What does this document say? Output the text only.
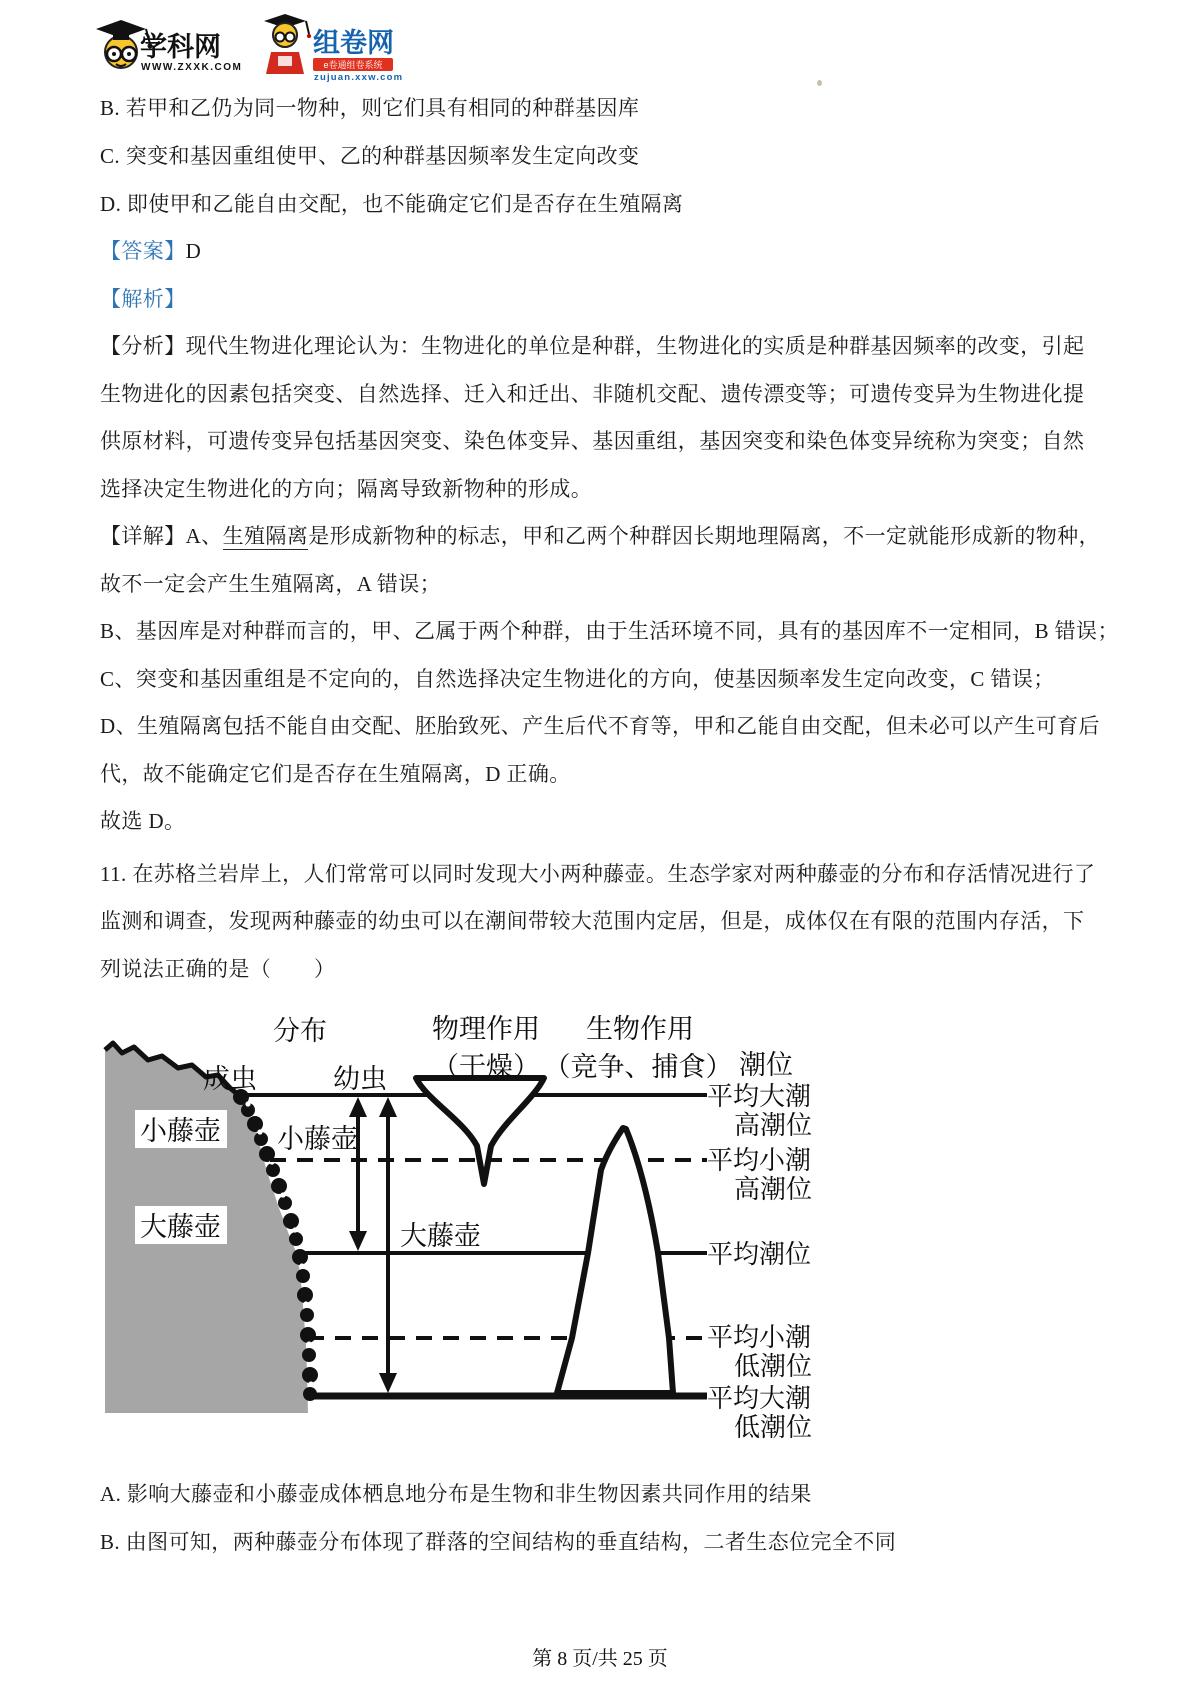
学科网
WWW.ZXXK.COM
组卷网
e卷通组卷系统
zujuan.xxw.com
B. 若甲和乙仍为同一物种，则它们具有相同的种群基因库
C. 突变和基因重组使甲、乙的种群基因频率发生定向改变
D. 即使甲和乙能自由交配，也不能确定它们是否存在生殖隔离
【答案】D
【解析】
【分析】现代生物进化理论认为：生物进化的单位是种群，生物进化的实质是种群基因频率的改变，引起
生物进化的因素包括突变、自然选择、迁入和迁出、非随机交配、遗传漂变等；可遗传变异为生物进化提
供原材料，可遗传变异包括基因突变、染色体变异、基因重组，基因突变和染色体变异统称为突变；自然
选择决定生物进化的方向；隔离导致新物种的形成。
【详解】A、生殖隔离是形成新物种的标志，甲和乙两个种群因长期地理隔离，不一定就能形成新的物种，
故不一定会产生生殖隔离，A 错误；
B、基因库是对种群而言的，甲、乙属于两个种群，由于生活环境不同，具有的基因库不一定相同，B 错误；
C、突变和基因重组是不定向的，自然选择决定生物进化的方向，使基因频率发生定向改变，C 错误；
D、生殖隔离包括不能自由交配、胚胎致死、产生后代不育等，甲和乙能自由交配，但未必可以产生可育后
代，故不能确定它们是否存在生殖隔离，D 正确。
故选 D。
11. 在苏格兰岩岸上，人们常常可以同时发现大小两种藤壶。生态学家对两种藤壶的分布和存活情况进行了
监测和调查，发现两种藤壶的幼虫可以在潮间带较大范围内定居，但是，成体仅在有限的范围内存活，下
列说法正确的是（　　）
小藤壶
大藤壶
分布
成虫	幼虫
物理作用
（干燥）
生物作用
（竞争、捕食） 潮位
小藤壶
大藤壶
平均大潮
高潮位
平均小潮
高潮位
平均潮位
平均小潮
低潮位
平均大潮
低潮位
A. 影响大藤壶和小藤壶成体栖息地分布是生物和非生物因素共同作用的结果
B. 由图可知，两种藤壶分布体现了群落的空间结构的垂直结构，二者生态位完全不同
第 8 页/共 25 页
